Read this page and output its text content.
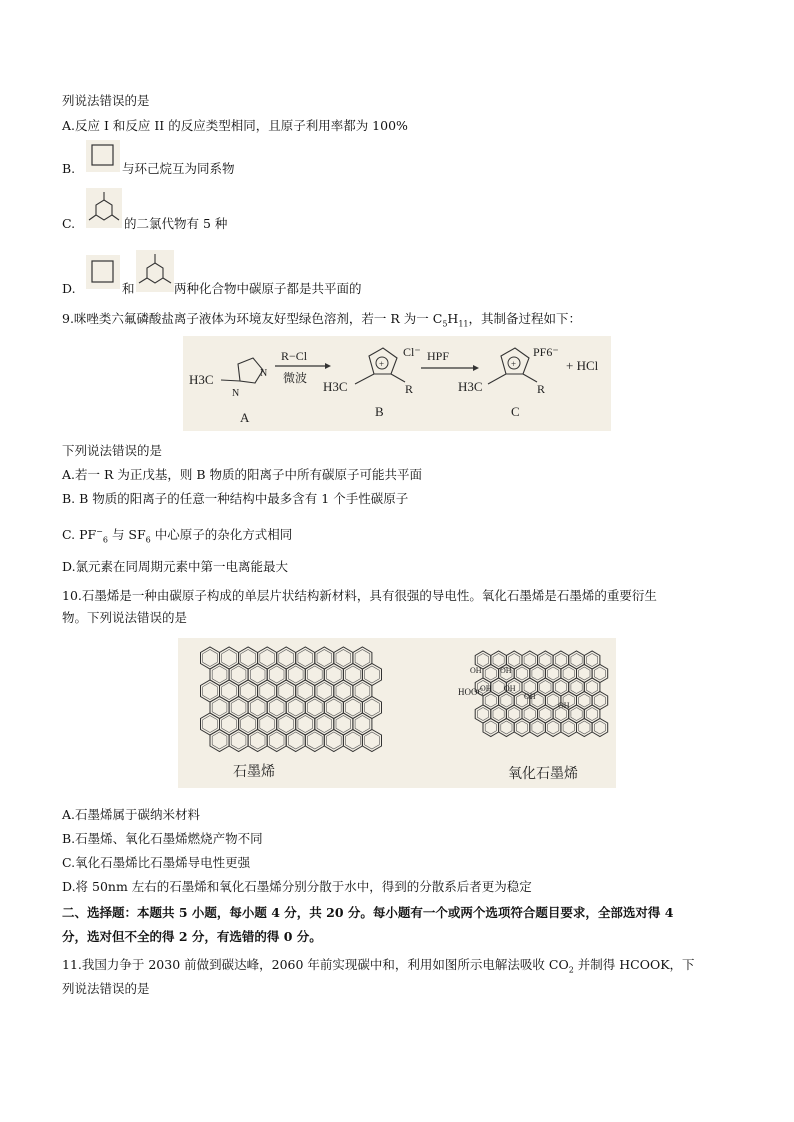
列说法错误的是
A.反应 I 和反应 II 的反应类型相同，且原子利用率都为 100%
B.	与环己烷互为同系物
C.	的二氯代物有 5 种
D.	和	两种化合物中碳原子都是共平面的
9.咪唑类六氟磷酸盐离子液体为环境友好型绿色溶剂，若一 R 为一 $C_5H_{11}$，其制备过程如下：
H3C
N
N
A
R−Cl
微波
H3C
+
Cl⁻
R
B
HPF
H3C
+
PF6⁻
R
+ HCl
C
下列说法错误的是
A.若一 R 为正戊基，则 B 物质的阳离子中所有碳原子可能共平面
B. B 物质的阳离子的任意一种结构中最多含有 1 个手性碳原子
C. $PF^-_6$ 与 $SF_6$ 中心原子的杂化方式相同
D.氯元素在同周期元素中第一电离能最大
10.石墨烯是一种由碳原子构成的单层片状结构新材料，具有很强的导电性。氧化石墨烯是石墨烯的重要衍生
物。下列说法错误的是
OH OH
OH OH
OH
OH
HOOC
石墨烯	氧化石墨烯
A.石墨烯属于碳纳米材料
B.石墨烯、氧化石墨烯燃烧产物不同
C.氧化石墨烯比石墨烯导电性更强
D.将 50nm 左右的石墨烯和氧化石墨烯分别分散于水中，得到的分散系后者更为稳定
二、选择题：本题共 5 小题，每小题 4 分，共 20 分。每小题有一个或两个选项符合题目要求，全部选对得 4
分，选对但不全的得 2 分，有选错的得 0 分。
11.我国力争于 2030 前做到碳达峰，2060 年前实现碳中和，利用如图所示电解法吸收 $CO_2$ 并制得 HCOOK，下
列说法错误的是
